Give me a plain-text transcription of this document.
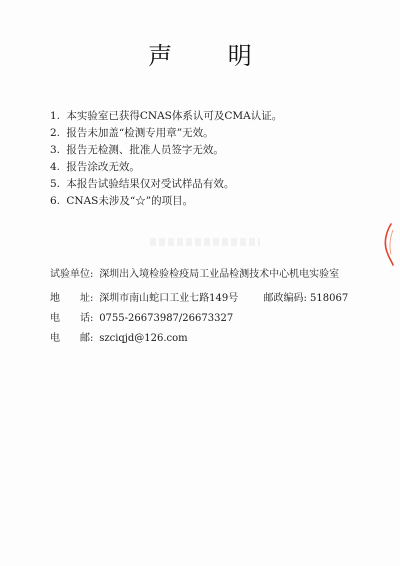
声 明
1. 本实验室已获得CNAS体系认可及CMA认证。
2. 报告未加盖“检测专用章”无效。
3. 报告无检测、批准人员签字无效。
4. 报告涂改无效。
5. 本报告试验结果仅对受试样品有效。
6. CNAS未涉及“☆”的项目。
试验单位: 深圳出入境检验检疫局工业品检测技术中心机电实验室
地　　址: 深圳市南山蛇口工业七路149号	邮政编码: 518067
电　　话: 0755-26673987/26673327
电　　邮: szciqjd@126.com
